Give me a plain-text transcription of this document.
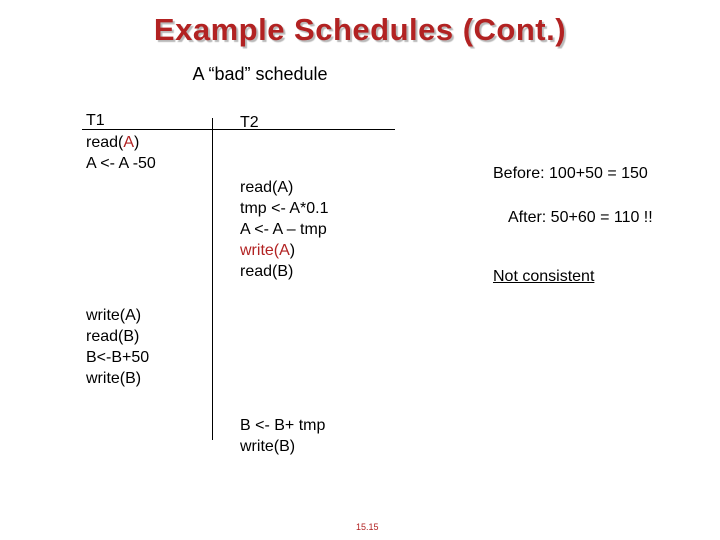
Example Schedules (Cont.)
A “bad” schedule
T1	T2
read(A)
A <- A -50
read(A)
tmp <- A*0.1
A <- A – tmp
write(A)
read(B)
write(A)
read(B)
B<-B+50
write(B)
B <- B+ tmp
write(B)
Before: 100+50 = 150
After: 50+60 = 110 !!
Not consistent
15.15
